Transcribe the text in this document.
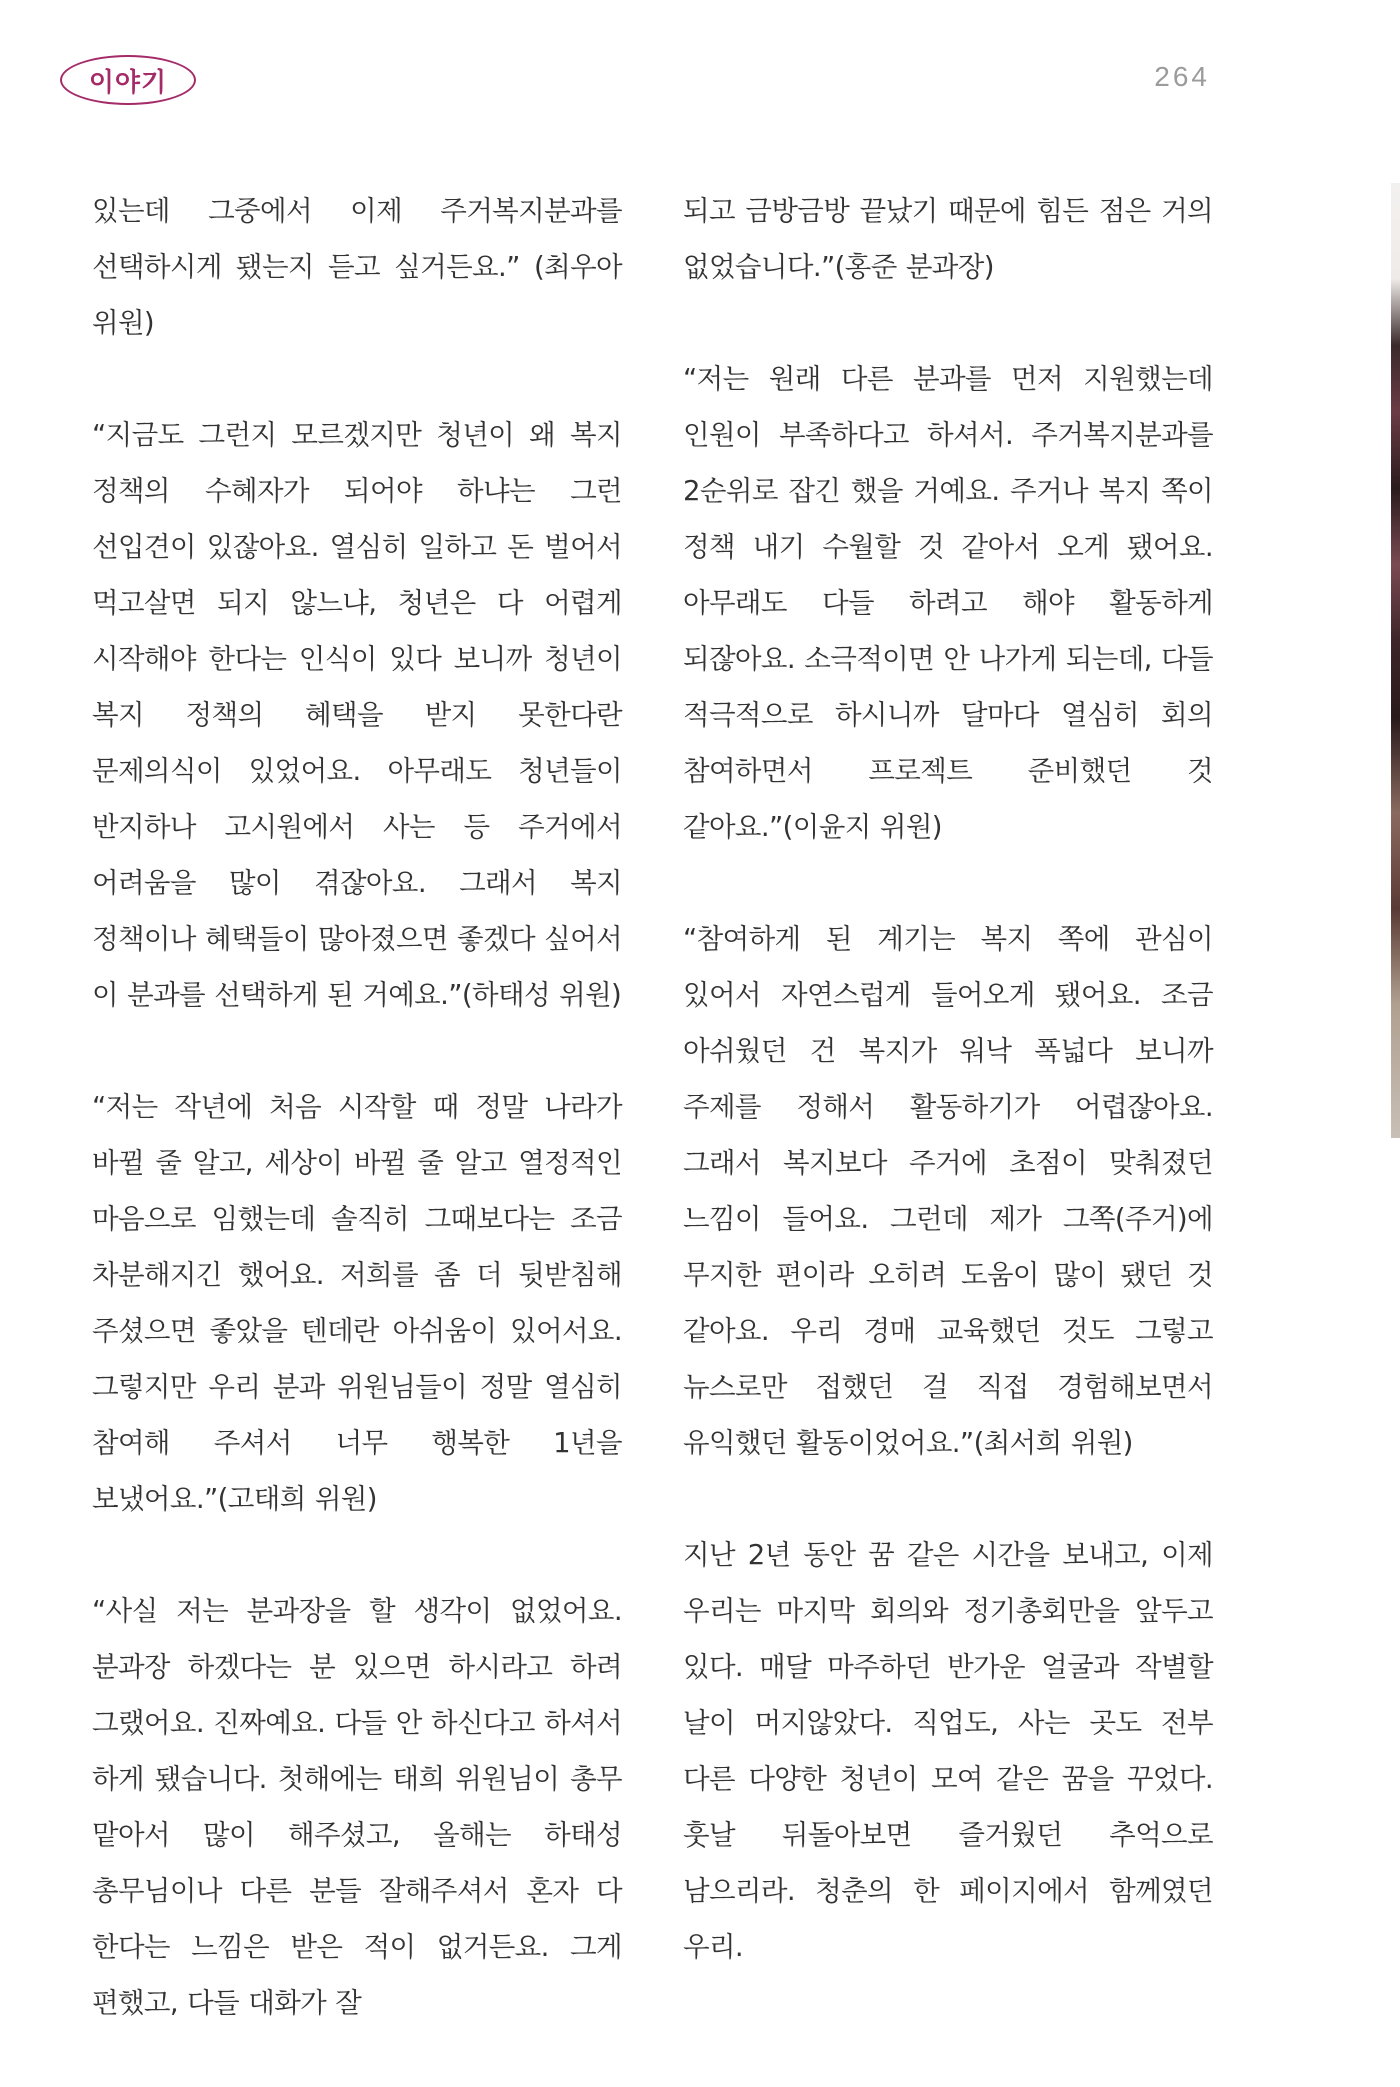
이야기	264

있는데 그중에서 이제 주거복지분과를 선택하시게 됐는지 듣고 싶거든요.” (최우아 위원)

“지금도 그런지 모르겠지만 청년이 왜 복지 정책의 수혜자가 되어야 하냐는 그런 선입견이 있잖아요. 열심히 일하고 돈 벌어서 먹고살면 되지 않느냐, 청년은 다 어렵게 시작해야 한다는 인식이 있다 보니까 청년이 복지 정책의 혜택을 받지 못한다란 문제의식이 있었어요. 아무래도 청년들이 반지하나 고시원에서 사는 등 주거에서 어려움을 많이 겪잖아요. 그래서 복지 정책이나 혜택들이 많아졌으면 좋겠다 싶어서 이 분과를 선택하게 된 거예요.”(하태성 위원)

“저는 작년에 처음 시작할 때 정말 나라가 바뀔 줄 알고, 세상이 바뀔 줄 알고 열정적인 마음으로 임했는데 솔직히 그때보다는 조금 차분해지긴 했어요. 저희를 좀 더 뒷받침해 주셨으면 좋았을 텐데란 아쉬움이 있어서요. 그렇지만 우리 분과 위원님들이 정말 열심히 참여해 주셔서 너무 행복한 1년을 보냈어요.”(고태희 위원)

“사실 저는 분과장을 할 생각이 없었어요. 분과장 하겠다는 분 있으면 하시라고 하려 그랬어요. 진짜예요. 다들 안 하신다고 하셔서 하게 됐습니다. 첫해에는 태희 위원님이 총무 맡아서 많이 해주셨고, 올해는 하태성 총무님이나 다른 분들 잘해주셔서 혼자 다 한다는 느낌은 받은 적이 없거든요. 그게 편했고, 다들 대화가 잘

되고 금방금방 끝났기 때문에 힘든 점은 거의 없었습니다.”(홍준 분과장)

“저는 원래 다른 분과를 먼저 지원했는데 인원이 부족하다고 하셔서. 주거복지분과를 2순위로 잡긴 했을 거예요. 주거나 복지 쪽이 정책 내기 수월할 것 같아서 오게 됐어요. 아무래도 다들 하려고 해야 활동하게 되잖아요. 소극적이면 안 나가게 되는데, 다들 적극적으로 하시니까 달마다 열심히 회의 참여하면서 프로젝트 준비했던 것 같아요.”(이윤지 위원)

“참여하게 된 계기는 복지 쪽에 관심이 있어서 자연스럽게 들어오게 됐어요. 조금 아쉬웠던 건 복지가 워낙 폭넓다 보니까 주제를 정해서 활동하기가 어렵잖아요. 그래서 복지보다 주거에 초점이 맞춰졌던 느낌이 들어요. 그런데 제가 그쪽(주거)에 무지한 편이라 오히려 도움이 많이 됐던 것 같아요. 우리 경매 교육했던 것도 그렇고 뉴스로만 접했던 걸 직접 경험해보면서 유익했던 활동이었어요.”(최서희 위원)

지난 2년 동안 꿈 같은 시간을 보내고, 이제 우리는 마지막 회의와 정기총회만을 앞두고 있다. 매달 마주하던 반가운 얼굴과 작별할 날이 머지않았다. 직업도, 사는 곳도 전부 다른 다양한 청년이 모여 같은 꿈을 꾸었다. 훗날 뒤돌아보면 즐거웠던 추억으로 남으리라. 청춘의 한 페이지에서 함께였던 우리.
